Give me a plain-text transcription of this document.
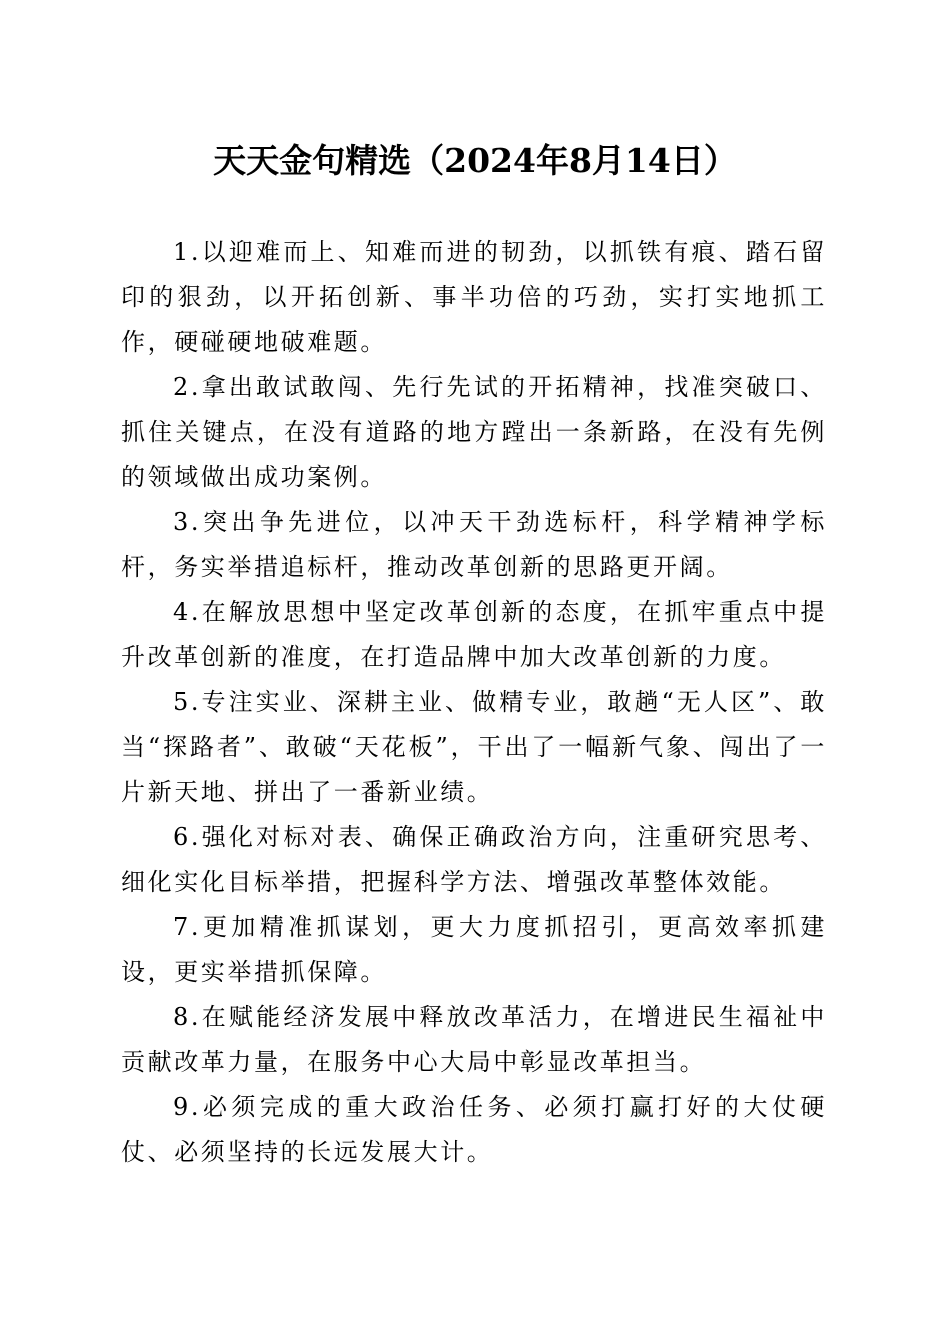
天天金句精选（2024年8月14日）

1.以迎难而上、知难而进的韧劲，以抓铁有痕、踏石留印的狠劲，以开拓创新、事半功倍的巧劲，实打实地抓工作，硬碰硬地破难题。

2.拿出敢试敢闯、先行先试的开拓精神，找准突破口、抓住关键点，在没有道路的地方蹚出一条新路，在没有先例的领域做出成功案例。

3.突出争先进位，以冲天干劲选标杆，科学精神学标杆，务实举措追标杆，推动改革创新的思路更开阔。

4.在解放思想中坚定改革创新的态度，在抓牢重点中提升改革创新的准度，在打造品牌中加大改革创新的力度。

5.专注实业、深耕主业、做精专业，敢趟“无人区”、敢当“探路者”、敢破“天花板”，干出了一幅新气象、闯出了一片新天地、拼出了一番新业绩。

6.强化对标对表、确保正确政治方向，注重研究思考、细化实化目标举措，把握科学方法、增强改革整体效能。

7.更加精准抓谋划，更大力度抓招引，更高效率抓建设，更实举措抓保障。

8.在赋能经济发展中释放改革活力，在增进民生福祉中贡献改革力量，在服务中心大局中彰显改革担当。

9.必须完成的重大政治任务、必须打赢打好的大仗硬仗、必须坚持的长远发展大计。
